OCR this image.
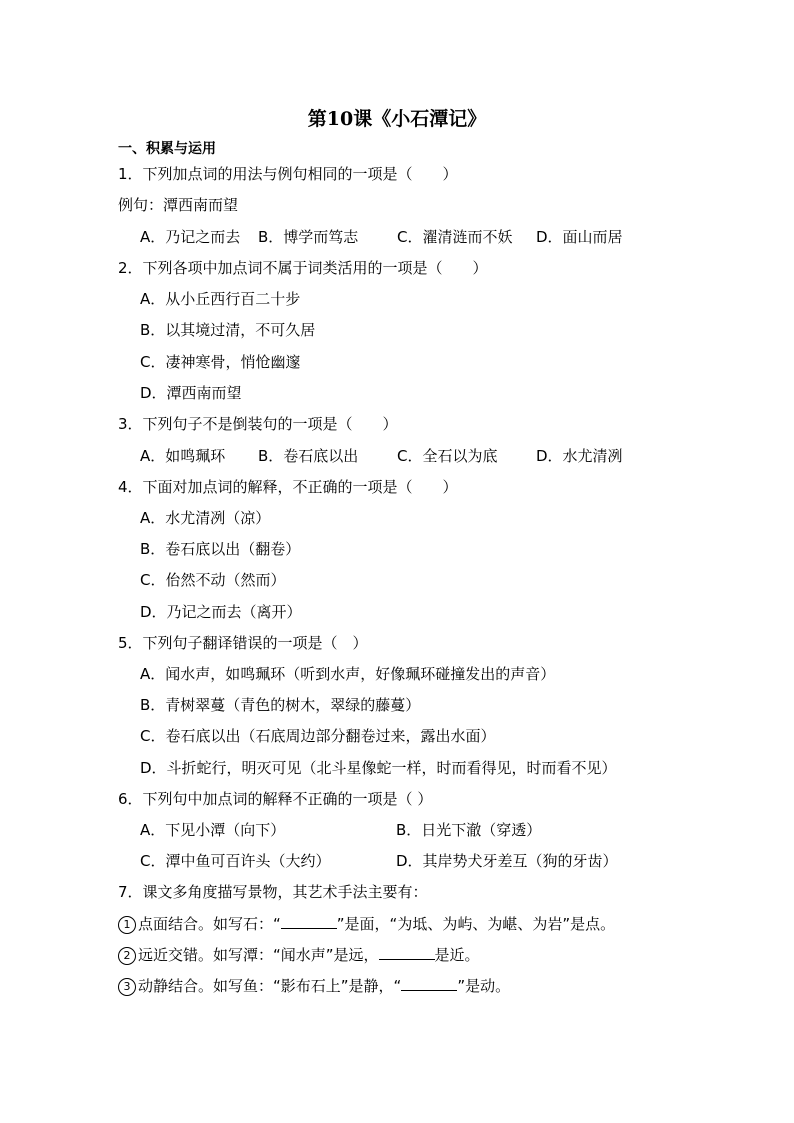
第10课《小石潭记》
一、积累与运用
1．下列加点词的用法与例句相同的一项是（　　）
例句：潭西南而望
A．乃记之而去 B．博学而笃志	C．濯清涟而不妖 D．面山而居
2．下列各项中加点词不属于词类活用的一项是（　　）
A．从小丘西行百二十步
B．以其境过清，不可久居
C．凄神寒骨，悄怆幽邃
D．潭西南而望
3．下列句子不是倒装句的一项是（　　）
A．如鸣珮环 B．卷石底以出	C．全石以为底	D．水尤清冽
4．下面对加点词的解释，不正确的一项是（　　）
A．水尤清冽（凉）
B．卷石底以出（翻卷）
C．佁然不动（然而）
D．乃记之而去（离开）
5．下列句子翻译错误的一项是（　）
A．闻水声，如鸣珮环（听到水声，好像珮环碰撞发出的声音）
B．青树翠蔓（青色的树木，翠绿的藤蔓）
C．卷石底以出（石底周边部分翻卷过来，露出水面）
D．斗折蛇行，明灭可见（北斗星像蛇一样，时而看得见，时而看不见）
6．下列句中加点词的解释不正确的一项是（ ）
A．下见小潭（向下）	B．日光下澈（穿透）
C．潭中鱼可百许头（大约）	D．其岸势犬牙差互（狗的牙齿）
7．课文多角度描写景物，其艺术手法主要有：
1 点面结合。如写石：“	”是面，“为坻、为屿、为嵁、为岩”是点。
2 远近交错。如写潭：“闻水声”是远，	是近。
3 动静结合。如写鱼：“影布石上”是静，“	”是动。
